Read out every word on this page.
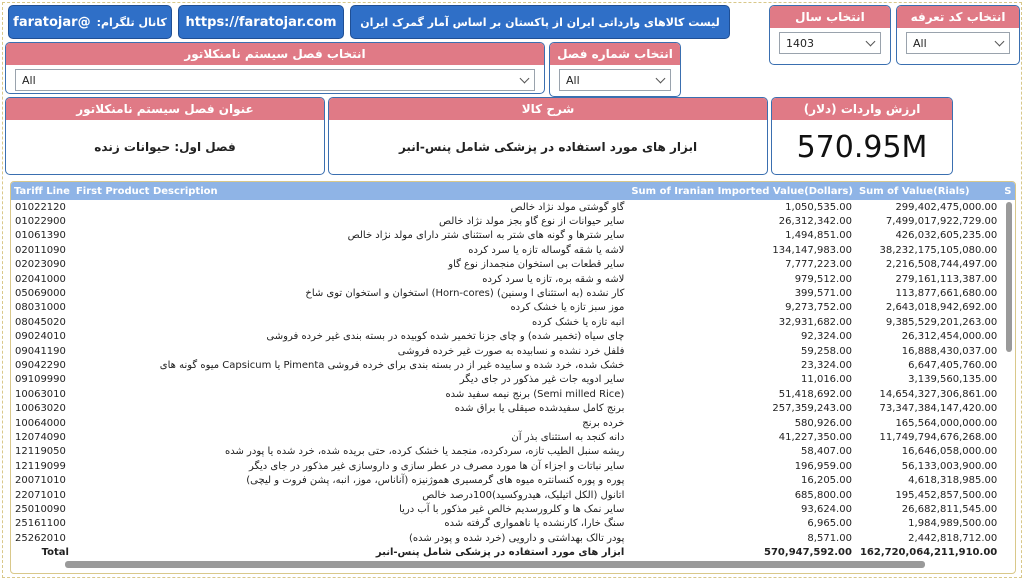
کانال تلگرام:
@faratojar	https://faratojar.com	لیست کالاهای وارداتی ایران از پاکستان بر اساس آمار گمرک ایران	انتخاب سال
1403
انتخاب کد تعرفه
All
انتخاب فصل سیستم نامنکلاتور
All
انتخاب شماره فصل
All
عنوان فصل سیستم نامنکلاتور
فصل اول: حیوانات زنده
شرح کالا
ابزار های مورد استفاده در پزشکی شامل پنس-انبر
ارزش واردات (دلار)
570.95M
Tariff Line	First Product Description	Sum of Iranian Imported Value(Dollars)	Sum of Value(Rials)	S
01022120	گاو گوشتی مولد نژاد خالص	1,050,535.00	299,402,475,000.00	
01022900	سایر حیوانات از نوع گاو بجز مولد نژاد خالص	26,312,342.00	7,499,017,922,729.00	
01061390	سایر شترها و گونه های شتر به استثنای شتر دارای مولد نژاد خالص	1,494,851.00	426,032,605,235.00	
02011090	لاشه یا شقه گوساله تازه یا سرد کرده	134,147,983.00	38,232,175,105,080.00	
02023090	سایر قطعات بی استخوان منجمداز نوع گاو	7,777,223.00	2,216,508,744,497.00	
02041000	لاشه و شقه بره، تازه یا سرد کرده	979,512.00	279,161,113,387.00	
05069000	کار نشده (به استثنای ا وسنین) (Horn-cores) استخوان و استخوان توی شاخ	399,571.00	113,877,661,680.00	
08031000	موز سبز تازه یا خشک کرده	9,273,752.00	2,643,018,942,692.00	
08045020	انبه تازه یا خشک کرده	32,931,682.00	9,385,529,201,263.00	
09024010	چای سیاه (تخمیر شده) و چای جزنا تخمیر شده کوبیده در بسته بندی غیر خرده فروشی	92,324.00	26,312,454,000.00	
09041190	فلفل خرد نشده و نسابیده به صورت غیر خرده فروشی	59,258.00	16,888,430,037.00	
09042290	خشک شده، خرد شده و ساییده غیر از در بسته بندی برای خرده فروشی Pimenta یا Capsicum میوه گونه های	23,324.00	6,647,405,760.00	
09109990	سایر ادویه جات غیر مذکور در جای دیگر	11,016.00	3,139,560,135.00	
10063010	(Semi milled Rice) برنج نیمه سفید شده	51,418,692.00	14,654,327,306,861.00	
10063020	برنج کامل سفیدشده صیقلی یا براق شده	257,359,243.00	73,347,384,147,420.00	
10064000	خرده برنج	580,926.00	165,564,000,000.00	
12074090	دانه کنجد به استثنای بذر آن	41,227,350.00	11,749,794,676,268.00	
12119050	ریشه سنبل الطیب تازه، سردکرده، منجمد یا خشک کرده، حتی بریده شده، خرد شده یا پودر شده	58,407.00	16,646,058,000.00	
12119099	سایر نباتات و اجزاء آن ها مورد مصرف در عطر سازی و داروسازی غیر مذکور در جای دیگر	196,959.00	56,133,003,900.00	
20071010	پوره و پوره کنسانتره میوه های گرمسیری هموژنیزه (آناناس، موز، انبه، پشن فروت و لیچی)	16,205.00	4,618,318,985.00	
22071010	اتانول (الکل اتیلیک، هیدروکسید)100درصد خالص	685,800.00	195,452,857,500.00	
25010090	سایر نمک ها و کلرورسدیم خالص غیر مذکور با آب دریا	93,624.00	26,682,811,545.00	
25161100	سنگ خارا، کارنشده یا ناهمواری گرفته شده	6,965.00	1,984,989,500.00	
25262010	پودر تالک بهداشتی و دارویی (خرد شده و پودر شده)	8,571.00	2,442,818,712.00	
Total	ابزار های مورد استفاده در پزشکی شامل پنس-انبر	570,947,592.00	162,720,064,211,910.00	
